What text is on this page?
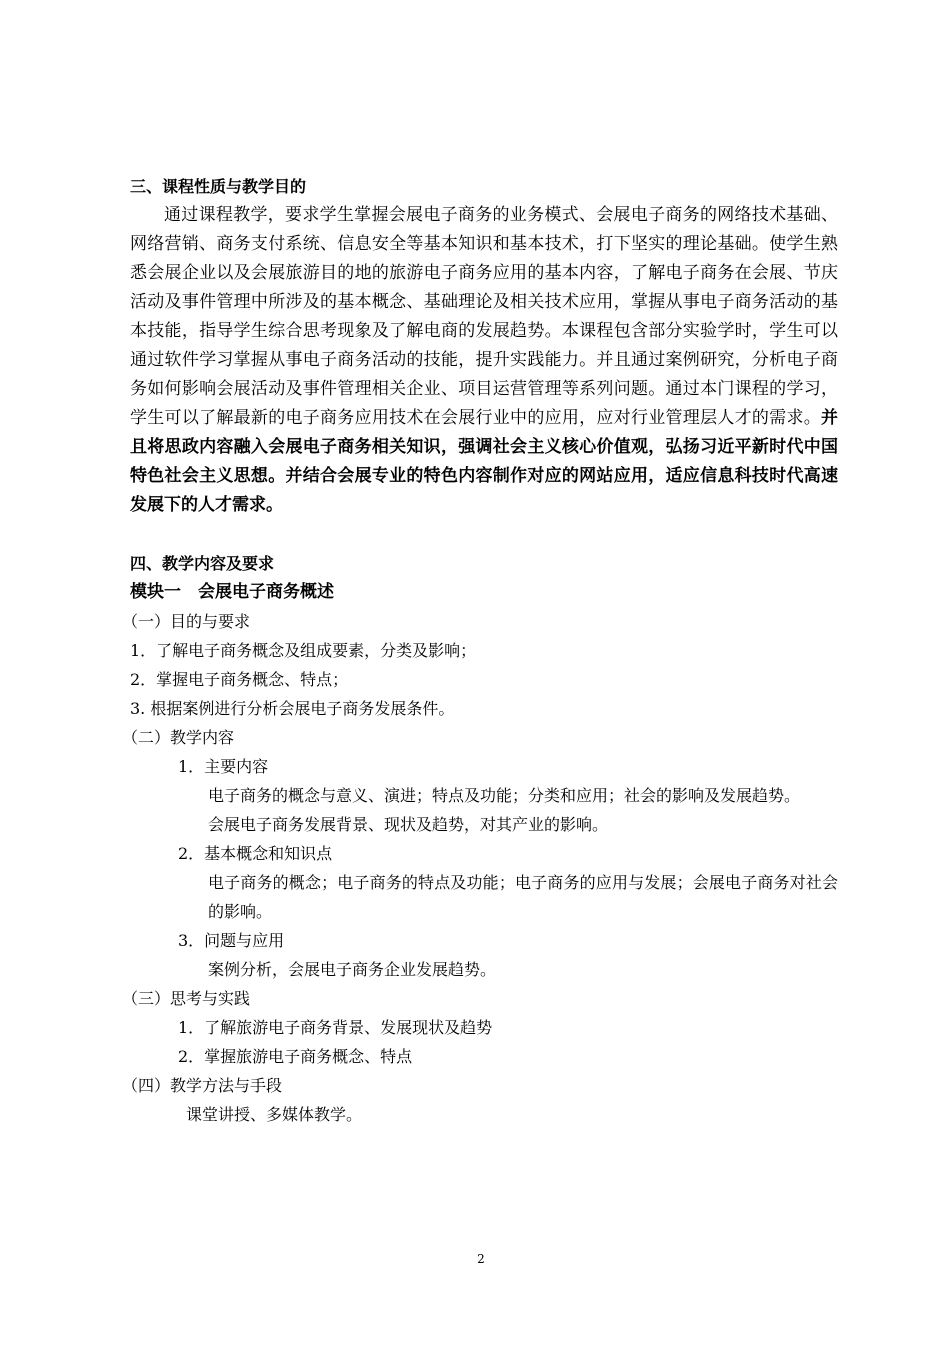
三、课程性质与教学目的

通过课程教学，要求学生掌握会展电子商务的业务模式、会展电子商务的网络技术基础、网络营销、商务支付系统、信息安全等基本知识和基本技术，打下坚实的理论基础。使学生熟悉会展企业以及会展旅游目的地的旅游电子商务应用的基本内容，了解电子商务在会展、节庆活动及事件管理中所涉及的基本概念、基础理论及相关技术应用，掌握从事电子商务活动的基本技能，指导学生综合思考现象及了解电商的发展趋势。本课程包含部分实验学时，学生可以通过软件学习掌握从事电子商务活动的技能，提升实践能力。并且通过案例研究，分析电子商务如何影响会展活动及事件管理相关企业、项目运营管理等系列问题。通过本门课程的学习，学生可以了解最新的电子商务应用技术在会展行业中的应用，应对行业管理层人才的需求。并且将思政内容融入会展电子商务相关知识，强调社会主义核心价值观，弘扬习近平新时代中国特色社会主义思想。并结合会展专业的特色内容制作对应的网站应用，适应信息科技时代高速发展下的人才需求。

四、教学内容及要求

模块一　会展电子商务概述

（一）目的与要求

1．了解电子商务概念及组成要素，分类及影响；

2．掌握电子商务概念、特点；

3. 根据案例进行分析会展电子商务发展条件。

（二）教学内容

1．主要内容

电子商务的概念与意义、演进；特点及功能；分类和应用；社会的影响及发展趋势。

会展电子商务发展背景、现状及趋势，对其产业的影响。

2．基本概念和知识点

电子商务的概念；电子商务的特点及功能；电子商务的应用与发展；会展电子商务对社会的影响。

3．问题与应用

案例分析，会展电子商务企业发展趋势。

（三）思考与实践

1．了解旅游电子商务背景、发展现状及趋势

2．掌握旅游电子商务概念、特点

（四）教学方法与手段

课堂讲授、多媒体教学。

2
